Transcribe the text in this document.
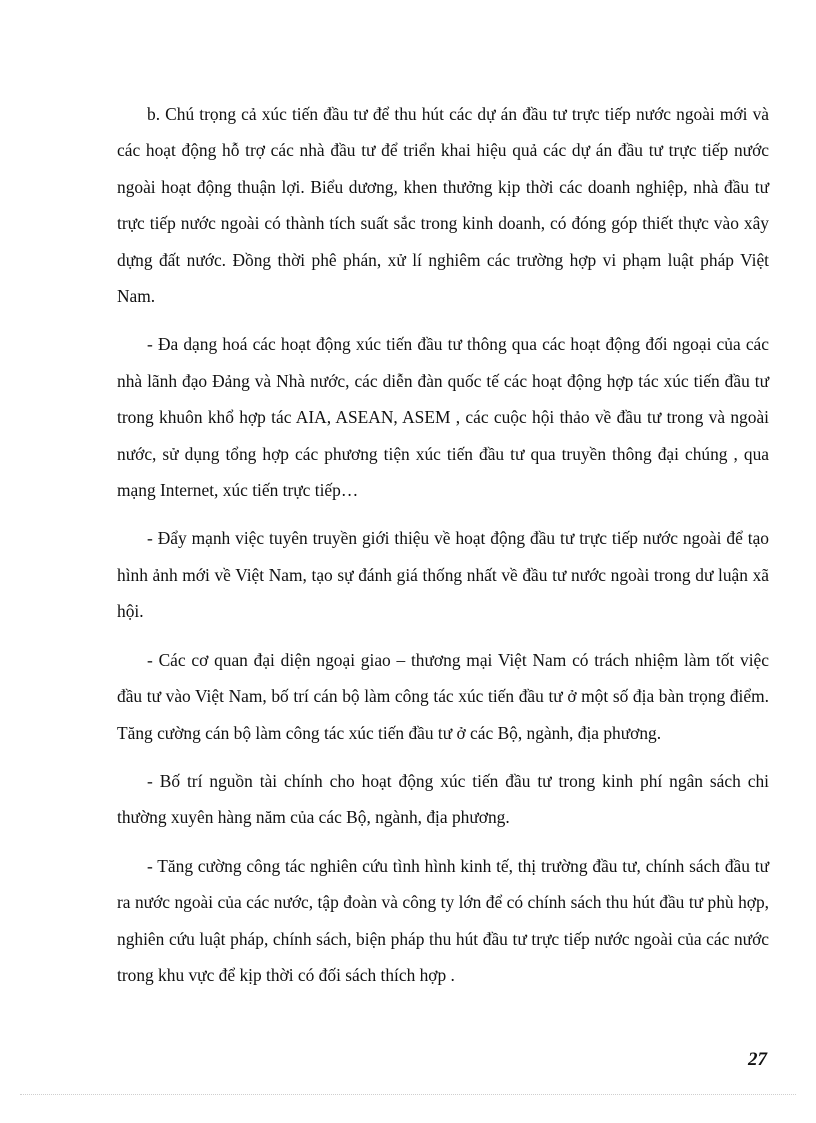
b. Chú trọng cả xúc tiến đầu tư để thu hút các dự án đầu tư trực tiếp nước ngoài mới và các hoạt động hỗ trợ các nhà đầu tư để triển khai hiệu quả các dự án đầu tư trực tiếp nước ngoài hoạt động thuận lợi. Biểu dương, khen thưởng kịp thời các doanh nghiệp, nhà đầu tư trực tiếp nước ngoài có thành tích suất sắc trong kinh doanh, có đóng góp thiết thực vào xây dựng đất nước. Đồng thời phê phán, xử lí nghiêm các trường hợp vi phạm luật pháp Việt Nam.

- Đa dạng hoá các hoạt động xúc tiến đầu tư thông qua các hoạt động đối ngoại của các nhà lãnh đạo Đảng và Nhà nước, các diễn đàn quốc tế các hoạt động hợp tác xúc tiến đầu tư trong khuôn khổ hợp tác AIA, ASEAN, ASEM , các cuộc hội thảo về đầu tư trong và ngoài nước, sử dụng tổng hợp các phương tiện xúc tiến đầu tư qua truyền thông đại chúng , qua mạng Internet, xúc tiến trực tiếp…

- Đẩy mạnh việc tuyên truyền giới thiệu về hoạt động đầu tư trực tiếp nước ngoài để tạo hình ảnh mới về Việt Nam, tạo sự đánh giá thống nhất về đầu tư nước ngoài trong dư luận xã hội.

- Các cơ quan đại diện ngoại giao – thương mại Việt Nam có trách nhiệm làm tốt việc đầu tư vào Việt Nam, bố trí cán bộ làm công tác xúc tiến đầu tư ở một số địa bàn trọng điểm. Tăng cường cán bộ làm công tác xúc tiến đầu tư ở các Bộ, ngành, địa phương.

- Bố trí nguồn tài chính cho hoạt động xúc tiến đầu tư trong kinh phí ngân sách chi thường xuyên hàng năm của các Bộ, ngành, địa phương.

- Tăng cường công tác nghiên cứu tình hình kinh tế, thị trường đầu tư, chính sách đầu tư ra nước ngoài của các nước, tập đoàn và công ty lớn để có chính sách thu hút đầu tư phù hợp, nghiên cứu luật pháp, chính sách, biện pháp thu hút đầu tư trực tiếp nước ngoài của các nước trong khu vực để kịp thời có đối sách thích hợp .

27
